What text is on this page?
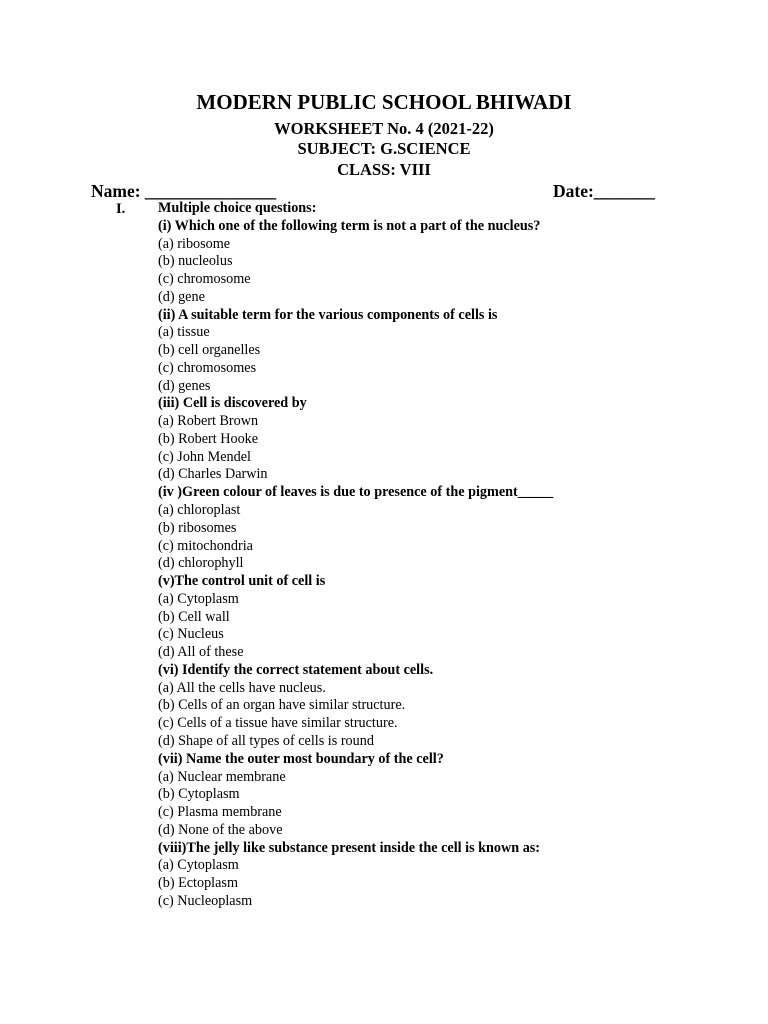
MODERN PUBLIC SCHOOL BHIWADI
WORKSHEET No. 4 (2021-22)
SUBJECT: G.SCIENCE
CLASS: VIII
Name: _______________	Date:_______
I. Multiple choice questions:
(i) Which one of the following term is not a part of the nucleus?
(a) ribosome
(b) nucleolus
(c) chromosome
(d) gene
(ii) A suitable term for the various components of cells is
(a) tissue
(b) cell organelles
(c) chromosomes
(d) genes
(iii) Cell is discovered by
(a) Robert Brown
(b) Robert Hooke
(c) John Mendel
(d) Charles Darwin
(iv )Green colour of leaves is due to presence of the pigment_____
(a) chloroplast
(b) ribosomes
(c) mitochondria
(d) chlorophyll
(v)The control unit of cell is
(a) Cytoplasm
(b) Cell wall
(c) Nucleus
(d) All of these
(vi) Identify the correct statement about cells.
(a) All the cells have nucleus.
(b) Cells of an organ have similar structure.
(c) Cells of a tissue have similar structure.
(d) Shape of all types of cells is round
(vii) Name the outer most boundary of the cell?
(a) Nuclear membrane
(b) Cytoplasm
(c) Plasma membrane
(d) None of the above
(viii)The jelly like substance present inside the cell is known as:
(a) Cytoplasm
(b) Ectoplasm
(c) Nucleoplasm
